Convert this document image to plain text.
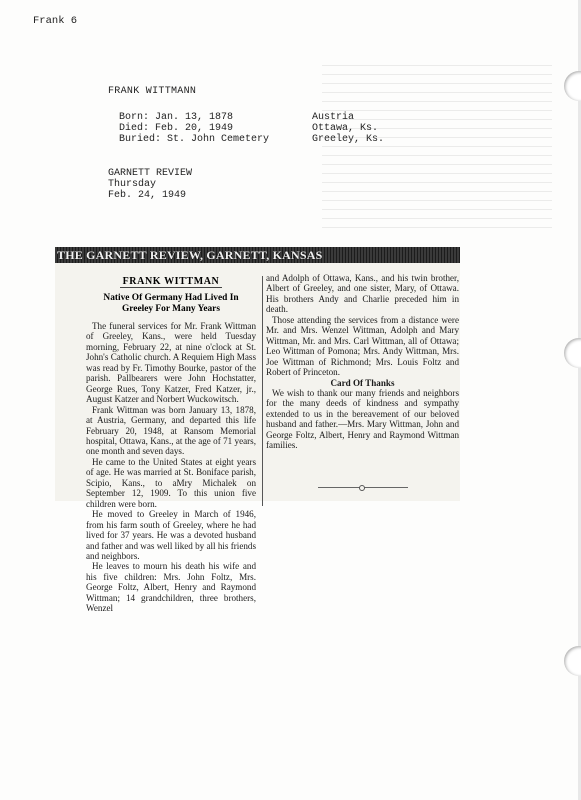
Frank 6
FRANK WITTMANN
Born: Jan. 13, 1878
Died: Feb. 20, 1949
Buried: St. John Cemetery
Austria
Ottawa, Ks.
Greeley, Ks.
GARNETT REVIEW
Thursday
Feb. 24, 1949
THE GARNETT REVIEW, GARNETT, KANSAS
FRANK WITTMAN
Native Of Germany Had Lived In
Greeley For Many Years

The funeral services for Mr. Frank Wittman of Greeley, Kans., were held Tuesday morning, February 22, at nine o'clock at St. John's Catholic church. A Requiem High Mass was read by Fr. Timothy Bourke, pastor of the parish. Pallbearers were John Hochstatter, George Rues, Tony Katzer, Fred Katzer, jr., August Katzer and Norbert Wuckowitsch.

Frank Wittman was born January 13, 1878, at Austria, Germany, and departed this life February 20, 1948, at Ransom Memorial hospital, Ottawa, Kans., at the age of 71 years, one month and seven days.

He came to the United States at eight years of age. He was married at St. Boniface parish, Scipio, Kans., to aMry Michalek on September 12, 1909. To this union five children were born.

He moved to Greeley in March of 1946, from his farm south of Greeley, where he had lived for 37 years. He was a devoted husband and father and was well liked by all his friends and neighbors.

He leaves to mourn his death his wife and his five children: Mrs. John Foltz, Mrs. George Foltz, Albert, Henry and Raymond Wittman; 14 grandchildren, three brothers, Wenzel

and Adolph of Ottawa, Kans., and his twin brother, Albert of Greeley, and one sister, Mary, of Ottawa. His brothers Andy and Charlie preceded him in death.

Those attending the services from a distance were Mr. and Mrs. Wenzel Wittman, Adolph and Mary Wittman, Mr. and Mrs. Carl Wittman, all of Ottawa; Leo Wittman of Pomona; Mrs. Andy Wittman, Mrs. Joe Wittman of Richmond; Mrs. Louis Foltz and Robert of Princeton.

Card Of Thanks

We wish to thank our many friends and neighbors for the many deeds of kindness and sympathy extended to us in the bereavement of our beloved husband and father.—Mrs. Mary Wittman, John and George Foltz, Albert, Henry and Raymond Wittman families.
